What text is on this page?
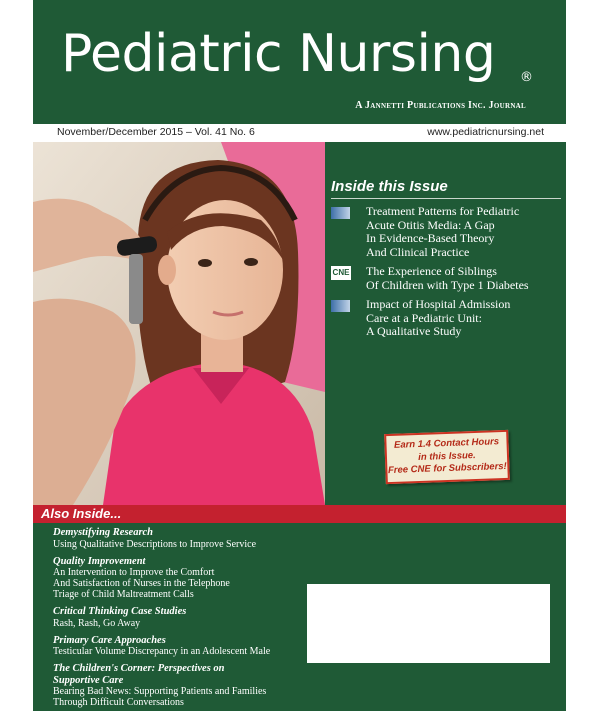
Pediatric Nursing ®
A Jannetti Publications Inc. Journal
November/December 2015 – Vol. 41 No. 6	www.pediatricnursing.net
Inside this Issue
Treatment Patterns for Pediatric
Acute Otitis Media: A Gap
In Evidence-Based Theory
And Clinical Practice
CNE The Experience of Siblings
Of Children with Type 1 Diabetes
Impact of Hospital Admission
Care at a Pediatric Unit:
A Qualitative Study
Earn 1.4 Contact Hours
in this Issue.
Free CNE for Subscribers!
Also Inside...
Demystifying Research
Using Qualitative Descriptions to Improve Service
Quality Improvement
An Intervention to Improve the Comfort
And Satisfaction of Nurses in the Telephone
Triage of Child Maltreatment Calls
Critical Thinking Case Studies
Rash, Rash, Go Away
Primary Care Approaches
Testicular Volume Discrepancy in an Adolescent Male
The Children's Corner: Perspectives on
Supportive Care
Bearing Bad News: Supporting Patients and Families
Through Difficult Conversations
